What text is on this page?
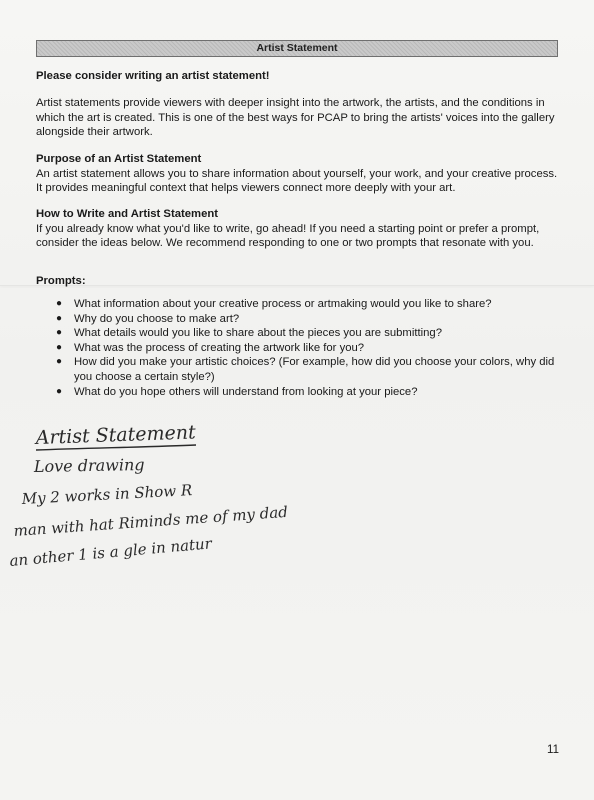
Artist Statement
Please consider writing an artist statement!
Artist statements provide viewers with deeper insight into the artwork, the artists, and the conditions in which the art is created. This is one of the best ways for PCAP to bring the artists' voices into the gallery alongside their artwork.
Purpose of an Artist Statement
An artist statement allows you to share information about yourself, your work, and your creative process. It provides meaningful context that helps viewers connect more deeply with your art.
How to Write and Artist Statement
If you already know what you'd like to write, go ahead! If you need a starting point or prefer a prompt, consider the ideas below. We recommend responding to one or two prompts that resonate with you.
Prompts:
● What information about your creative process or artmaking would you like to share?
● Why do you choose to make art?
● What details would you like to share about the pieces you are submitting?
● What was the process of creating the artwork like for you?
● How did you make your artistic choices? (For example, how did you choose your colors, why did you choose a certain style?)
● What do you hope others will understand from looking at your piece?
Artist Statement
Love drawing
My 2 works in Show R
man with hat Riminds me of my dad
an other 1 is a gle in natur
11
